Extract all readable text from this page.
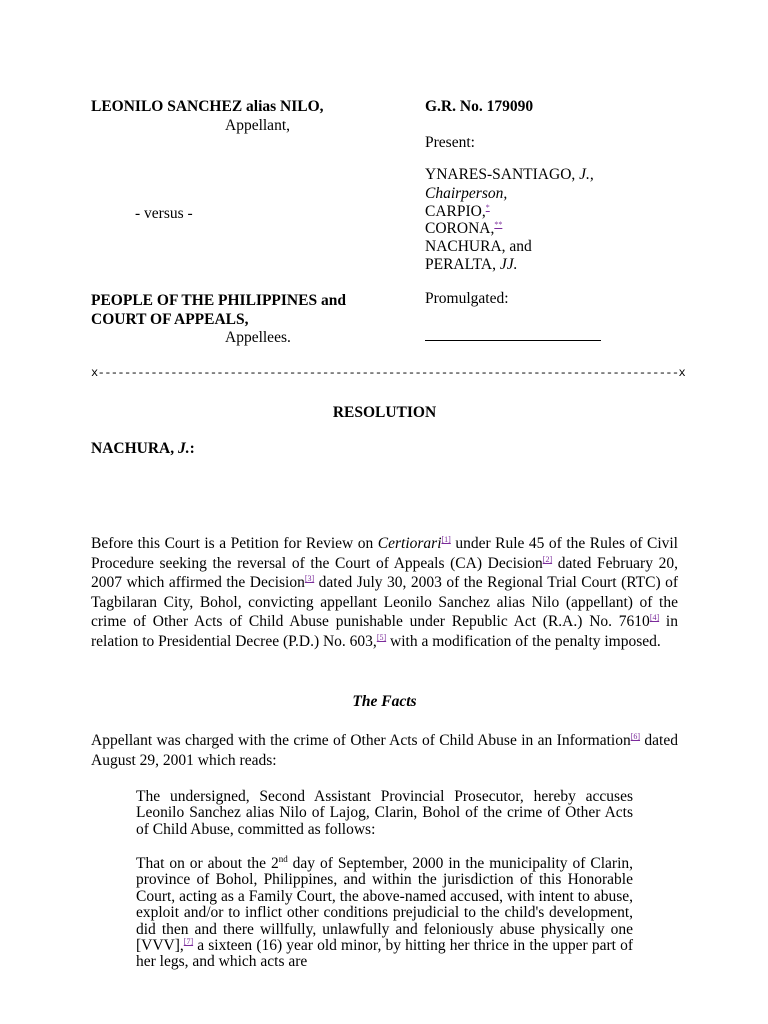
LEONILO SANCHEZ alias NILO,
Appellant,
- versus -
PEOPLE OF THE PHILIPPINES and
COURT OF APPEALS,
Appellees.
G.R. No. 179090
Present:
YNARES-SANTIAGO, J.,
Chairperson,
CARPIO,*
CORONA,**
NACHURA, and
PERALTA, JJ.
Promulgated:
x----------------------------------------------------------------------------------------x
RESOLUTION
NACHURA, J.:
Before this Court is a Petition for Review on Certiorari[1] under Rule 45 of the Rules of Civil Procedure seeking the reversal of the Court of Appeals (CA) Decision[2] dated February 20, 2007 which affirmed the Decision[3] dated July 30, 2003 of the Regional Trial Court (RTC) of Tagbilaran City, Bohol, convicting appellant Leonilo Sanchez alias Nilo (appellant) of the crime of Other Acts of Child Abuse punishable under Republic Act (R.A.) No. 7610[4] in relation to Presidential Decree (P.D.) No. 603,[5] with a modification of the penalty imposed.
The Facts
Appellant was charged with the crime of Other Acts of Child Abuse in an Information[6] dated August 29, 2001 which reads:
The undersigned, Second Assistant Provincial Prosecutor, hereby accuses Leonilo Sanchez alias Nilo of Lajog, Clarin, Bohol of the crime of Other Acts of Child Abuse, committed as follows:
That on or about the 2nd day of September, 2000 in the municipality of Clarin, province of Bohol, Philippines, and within the jurisdiction of this Honorable Court, acting as a Family Court, the above-named accused, with intent to abuse, exploit and/or to inflict other conditions prejudicial to the child's development, did then and there willfully, unlawfully and feloniously abuse physically one [VVV],[7] a sixteen (16) year old minor, by hitting her thrice in the upper part of her legs, and which acts are
